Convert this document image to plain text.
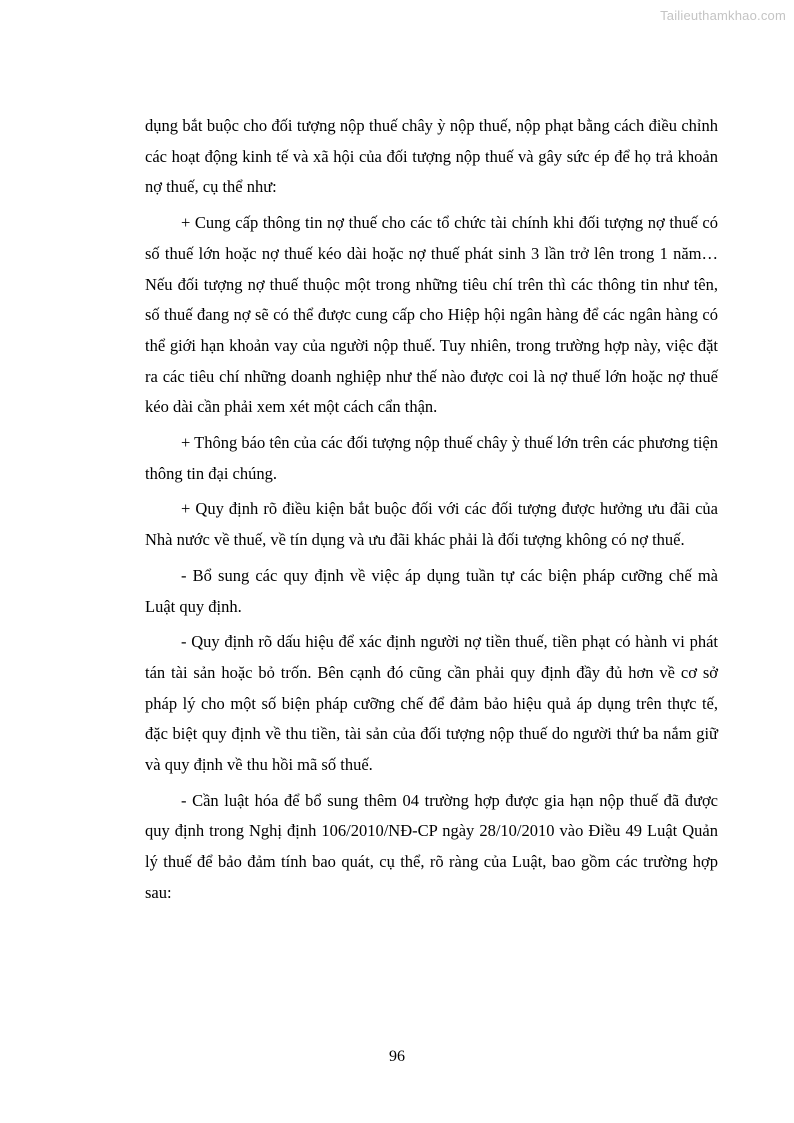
Tailieuthamkhao.com

dụng bắt buộc cho đối tượng nộp thuế chây ỳ nộp thuế, nộp phạt bằng cách điều chỉnh các hoạt động kinh tế và xã hội của đối tượng nộp thuế và gây sức ép để họ trả khoản nợ thuế, cụ thể như:

+ Cung cấp thông tin nợ thuế cho các tổ chức tài chính khi đối tượng nợ thuế có số thuế lớn hoặc nợ thuế kéo dài hoặc nợ thuế phát sinh 3 lần trở lên trong 1 năm… Nếu đối tượng nợ thuế thuộc một trong những tiêu chí trên thì các thông tin như tên, số thuế đang nợ sẽ có thể được cung cấp cho Hiệp hội ngân hàng để các ngân hàng có thể giới hạn khoản vay của người nộp thuế. Tuy nhiên, trong trường hợp này, việc đặt ra các tiêu chí những doanh nghiệp như thế nào được coi là nợ thuế lớn hoặc nợ thuế kéo dài cần phải xem xét một cách cẩn thận.

+ Thông báo tên của các đối tượng nộp thuế chây ỳ thuế lớn trên các phương tiện thông tin đại chúng.

+ Quy định rõ điều kiện bắt buộc đối với các đối tượng được hưởng ưu đãi của Nhà nước về thuế, về tín dụng và ưu đãi khác phải là đối tượng không có nợ thuế.

- Bổ sung các quy định về việc áp dụng tuần tự các biện pháp cưỡng chế mà Luật quy định.

- Quy định rõ dấu hiệu để xác định người nợ tiền thuế, tiền phạt có hành vi phát tán tài sản hoặc bỏ trốn. Bên cạnh đó cũng cần phải quy định đầy đủ hơn về cơ sở pháp lý cho một số biện pháp cưỡng chế để đảm bảo hiệu quả áp dụng trên thực tế, đặc biệt quy định về thu tiền, tài sản của đối tượng nộp thuế do người thứ ba nắm giữ và quy định về thu hồi mã số thuế.

- Cần luật hóa để bổ sung thêm 04 trường hợp được gia hạn nộp thuế đã được quy định trong Nghị định 106/2010/NĐ-CP ngày 28/10/2010 vào Điều 49 Luật Quản lý thuế để bảo đảm tính bao quát, cụ thể, rõ ràng của Luật, bao gồm các trường hợp sau:

96
